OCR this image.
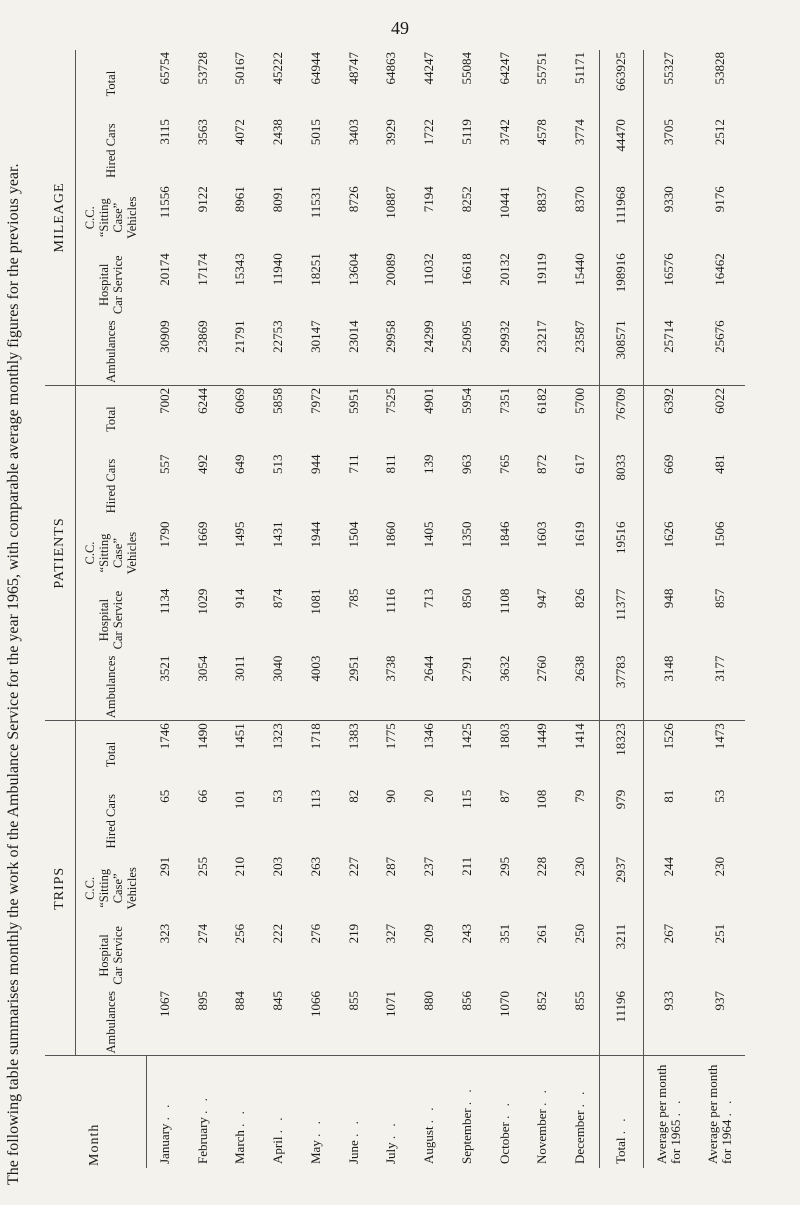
49
The following table summarises monthly the work of the Ambulance Service for the year 1965, with comparable average monthly figures for the previous year.	Month	TRIPS					PATIENTS					MILEAGE				
	Ambulances	Hospital Car Service	C.C. “Sitting Case” Vehicles	Hired Cars	Total	Ambulances	Hospital Car Service	C.C. “Sitting Case” Vehicles	Hired Cars	Total	Ambulances	Hospital Car Service	C.C. “Sitting Case” Vehicles	Hired Cars	Total
January . .	1067	323	291	65	1746	3521	1134	1790	557	7002	30909	20174	11556	3115	65754
February . .	895	274	255	66	1490	3054	1029	1669	492	6244	23869	17174	9122	3563	53728
March . .	884	256	210	101	1451	3011	914	1495	649	6069	21791	15343	8961	4072	50167
April . .	845	222	203	53	1323	3040	874	1431	513	5858	22753	11940	8091	2438	45222
May . .	1066	276	263	113	1718	4003	1081	1944	944	7972	30147	18251	11531	5015	64944
June . .	855	219	227	82	1383	2951	785	1504	711	5951	23014	13604	8726	3403	48747
July . .	1071	327	287	90	1775	3738	1116	1860	811	7525	29958	20089	10887	3929	64863
August . .	880	209	237	20	1346	2644	713	1405	139	4901	24299	11032	7194	1722	44247
September . .	856	243	211	115	1425	2791	850	1350	963	5954	25095	16618	8252	5119	55084
October . .	1070	351	295	87	1803	3632	1108	1846	765	7351	29932	20132	10441	3742	64247
November . .	852	261	228	108	1449	2760	947	1603	872	6182	23217	19119	8837	4578	55751
December . .	855	250	230	79	1414	2638	826	1619	617	5700	23587	15440	8370	3774	51171
Total . .	11196	3211	2937	979	18323	37783	11377	19516	8033	76709	308571	198916	111968	44470	663925
Average per month for 1965 . .	933	267	244	81	1526	3148	948	1626	669	6392	25714	16576	9330	3705	55327
Average per month for 1964 . .	937	251	230	53	1473	3177	857	1506	481	6022	25676	16462	9176	2512	53828
